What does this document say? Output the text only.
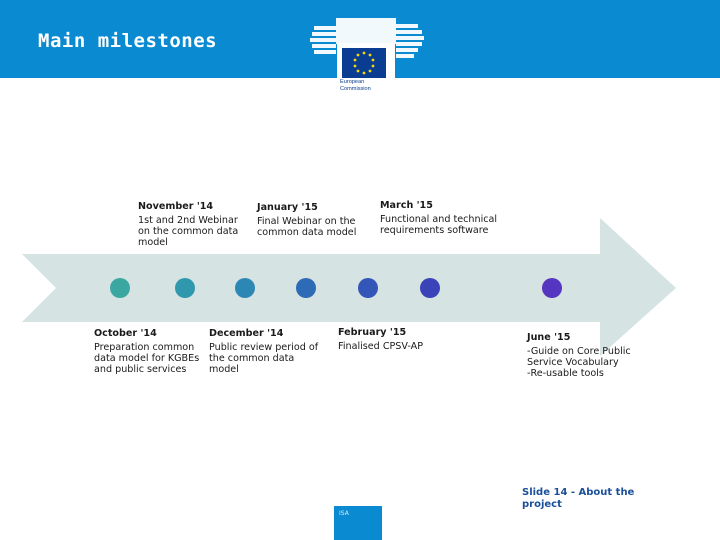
Main milestones
European
Commission
November '14
1st and 2nd Webinar on the common data model
January '15
Final Webinar on the common data model
March '15
Functional and technical requirements software
October '14
Preparation common data model for KGBEs and public services
December '14
Public review period of the common data model
February '15
Finalised CPSV-AP
June '15
-Guide on Core Public Service Vocabulary
-Re-usable tools
Slide 14 - About the project
ISA
